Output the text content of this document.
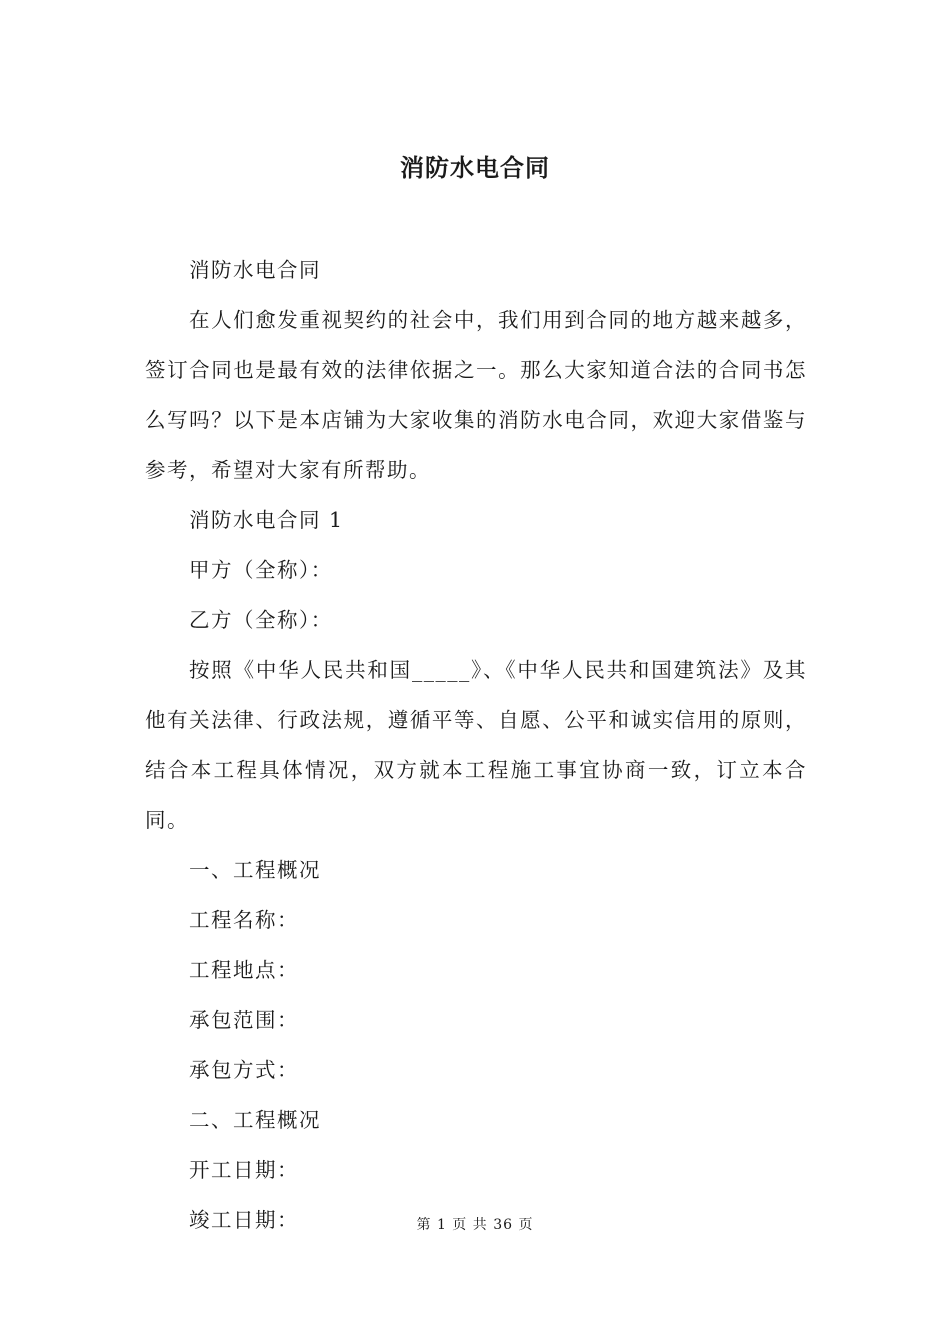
消防水电合同

消防水电合同

在人们愈发重视契约的社会中，我们用到合同的地方越来越多，签订合同也是最有效的法律依据之一。那么大家知道合法的合同书怎么写吗？以下是本店铺为大家收集的消防水电合同，欢迎大家借鉴与参考，希望对大家有所帮助。

消防水电合同 1

甲方（全称）：

乙方（全称）：

按照《中华人民共和国_____》、《中华人民共和国建筑法》及其他有关法律、行政法规，遵循平等、自愿、公平和诚实信用的原则，结合本工程具体情况，双方就本工程施工事宜协商一致，订立本合同。

一、工程概况

工程名称：

工程地点：

承包范围：

承包方式：

二、工程概况

开工日期：

竣工日期：	第 1 页 共 36 页
